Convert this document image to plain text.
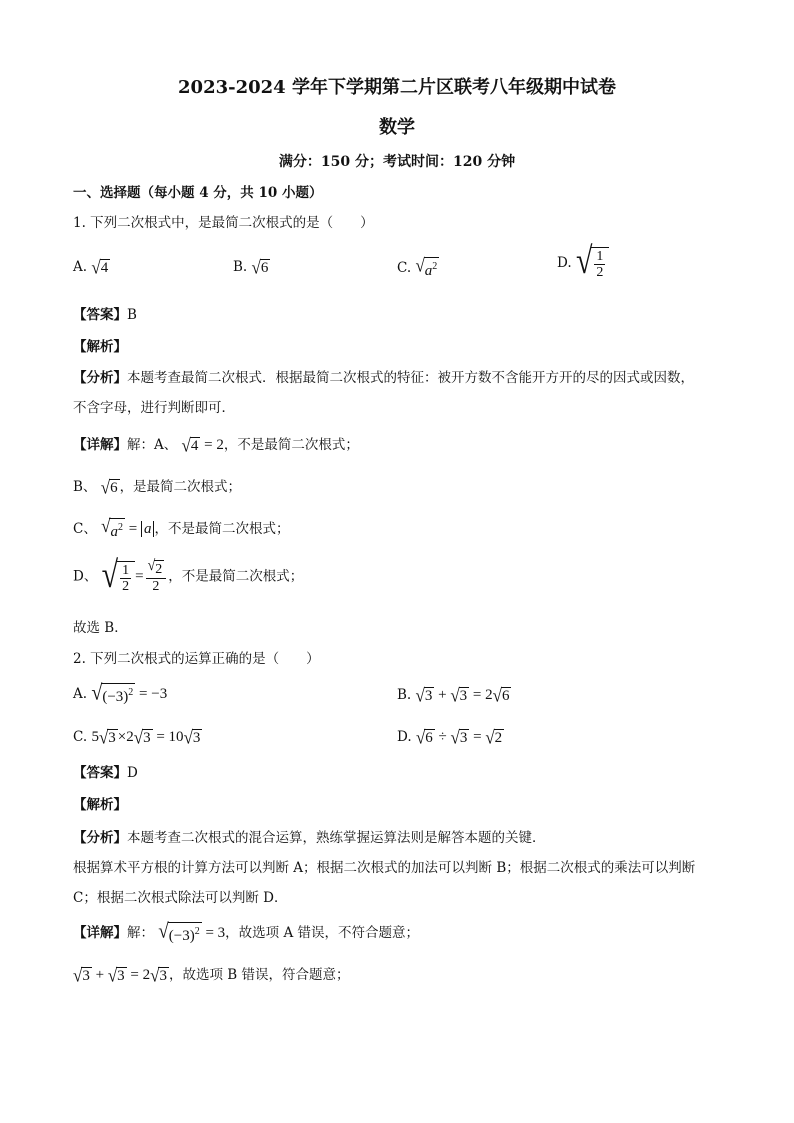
2023-2024 学年下学期第二片区联考八年级期中试卷
数学
满分：150 分；考试时间：120 分钟
一、选择题（每小题 4 分，共 10 小题）
1. 下列二次根式中，是最简二次根式的是（　　）
A. √ 4	B. √ 6	C. √ $a^2$	D. √ $\frac{1}{2}$
【答案】B
【解析】
【分析】本题考查最简二次根式．根据最简二次根式的特征：被开方数不含能开方开的尽的因式或因数，
不含字母，进行判断即可．
【详解】解：A、 √ 4 = 2，不是最简二次根式；
B、 √ 6 ，是最简二次根式；
C、 √ $a^2 = a$ ，不是最简二次根式；
D、 √ $\frac{1}{2} = \frac{√ 2}{2}$ ，不是最简二次根式；
故选 B．
2. 下列二次根式的运算正确的是（　　）
A. √ $(-3)^2 = -3$	B. √ 3 + √ 3 = 2 √ 6
C. 5 √ 3 ×2 √ 3 = 10 √ 3	D. √ 6 ÷ √ 3 = √ 2
【答案】D
【解析】
【分析】本题考查二次根式的混合运算，熟练掌握运算法则是解答本题的关键．
根据算术平方根的计算方法可以判断 A；根据二次根式的加法可以判断 B；根据二次根式的乘法可以判断
C；根据二次根式除法可以判断 D．
【详解】解： √ $(-3)^2 = 3$，故选项 A 错误，不符合题意；
√ 3 + √ 3 = 2 √ 3 ，故选项 B 错误，符合题意；
